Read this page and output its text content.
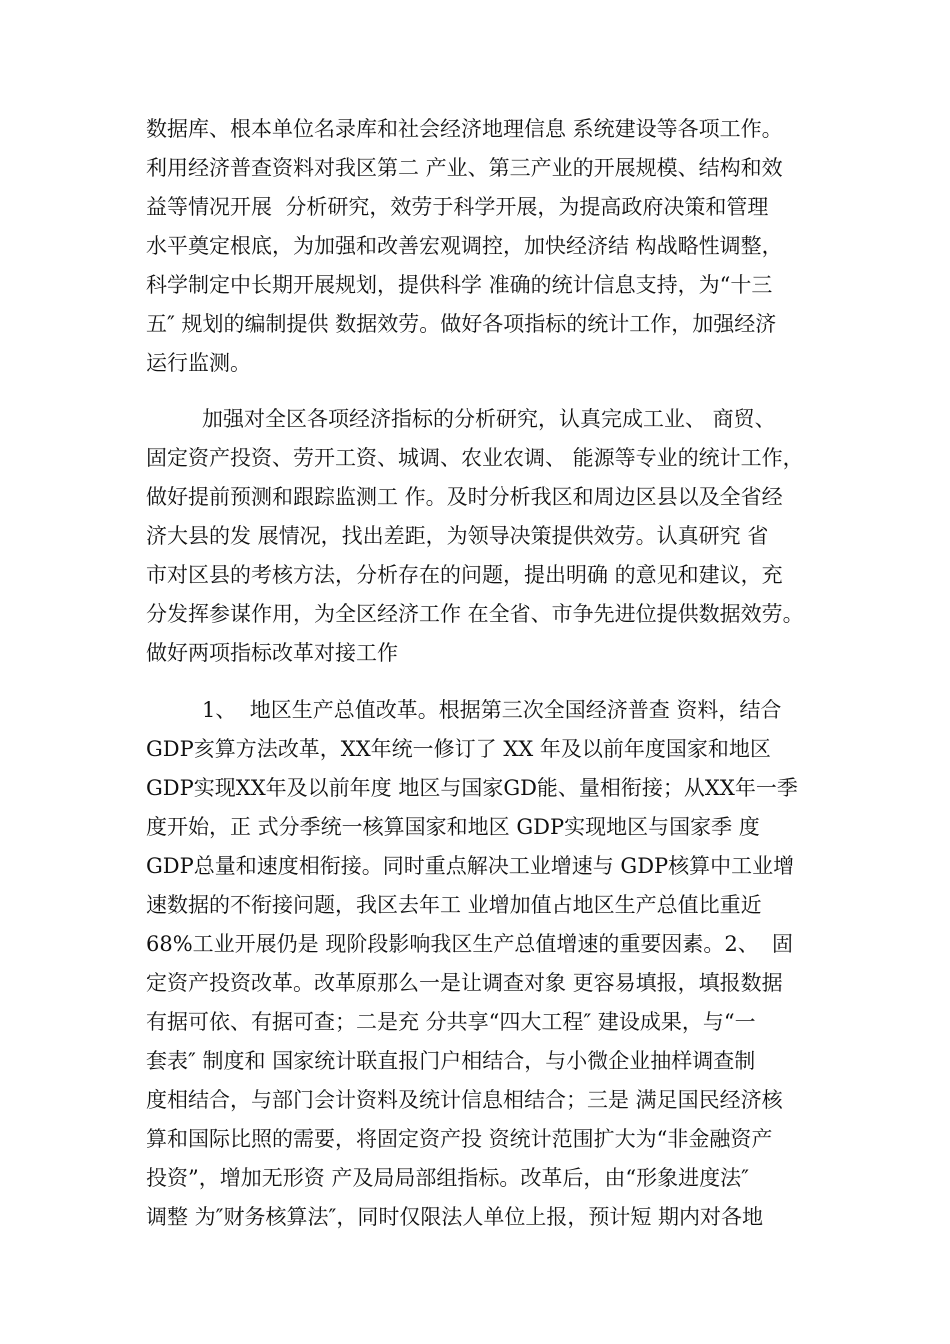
数据库、根本单位名录库和社会经济地理信息 系统建设等各项工作。

利用经济普查资料对我区第二 产业、第三产业的开展规模、结构和效

益等情况开展  分析研究，效劳于科学开展，为提高政府决策和管理

水平奠定根底，为加强和改善宏观调控，加快经济结 构战略性调整，

科学制定中长期开展规划，提供科学 准确的统计信息支持，为“十三

五″ 规划的编制提供 数据效劳。做好各项指标的统计工作，加强经济

运行监测。

加强对全区各项经济指标的分析研究，认真完成工业、 商贸、

固定资产投资、劳开工资、城调、农业农调、 能源等专业的统计工作，

做好提前预测和跟踪监测工 作。及时分析我区和周边区县以及全省经

济大县的发 展情况，找出差距，为领导决策提供效劳。认真研究 省

市对区县的考核方法，分析存在的问题，提出明确 的意见和建议，充

分发挥参谋作用，为全区经济工作 在全省、市争先进位提供数据效劳。

做好两项指标改革对接工作

1、  地区生产总值改革。根据第三次全国经济普查 资料，结合

GDP亥算方法改革，XX年统一修订了 XX 年及以前年度国家和地区

GDP实现XX年及以前年度 地区与国家GD能、量相衔接；从XX年一季

度开始，正 式分季统一核算国家和地区 GDP实现地区与国家季 度

GDP总量和速度相衔接。同时重点解决工业增速与 GDP核算中工业增

速数据的不衔接问题，我区去年工 业增加值占地区生产总值比重近

68%工业开展仍是 现阶段影响我区生产总值增速的重要因素。2、  固

定资产投资改革。改革原那么一是让调查对象 更容易填报，填报数据

有据可依、有据可查；二是充 分共享“四大工程″ 建设成果，与“一

套表″ 制度和 国家统计联直报门户相结合，与小微企业抽样调查制

度相结合，与部门会计资料及统计信息相结合；三是 满足国民经济核

算和国际比照的需要，将固定资产投 资统计范围扩大为“非金融资产

投资”，增加无形资 产及局局部组指标。改革后，由“形象进度法″

调整 为″财务核算法″，同时仅限法人单位上报，预计短 期内对各地
